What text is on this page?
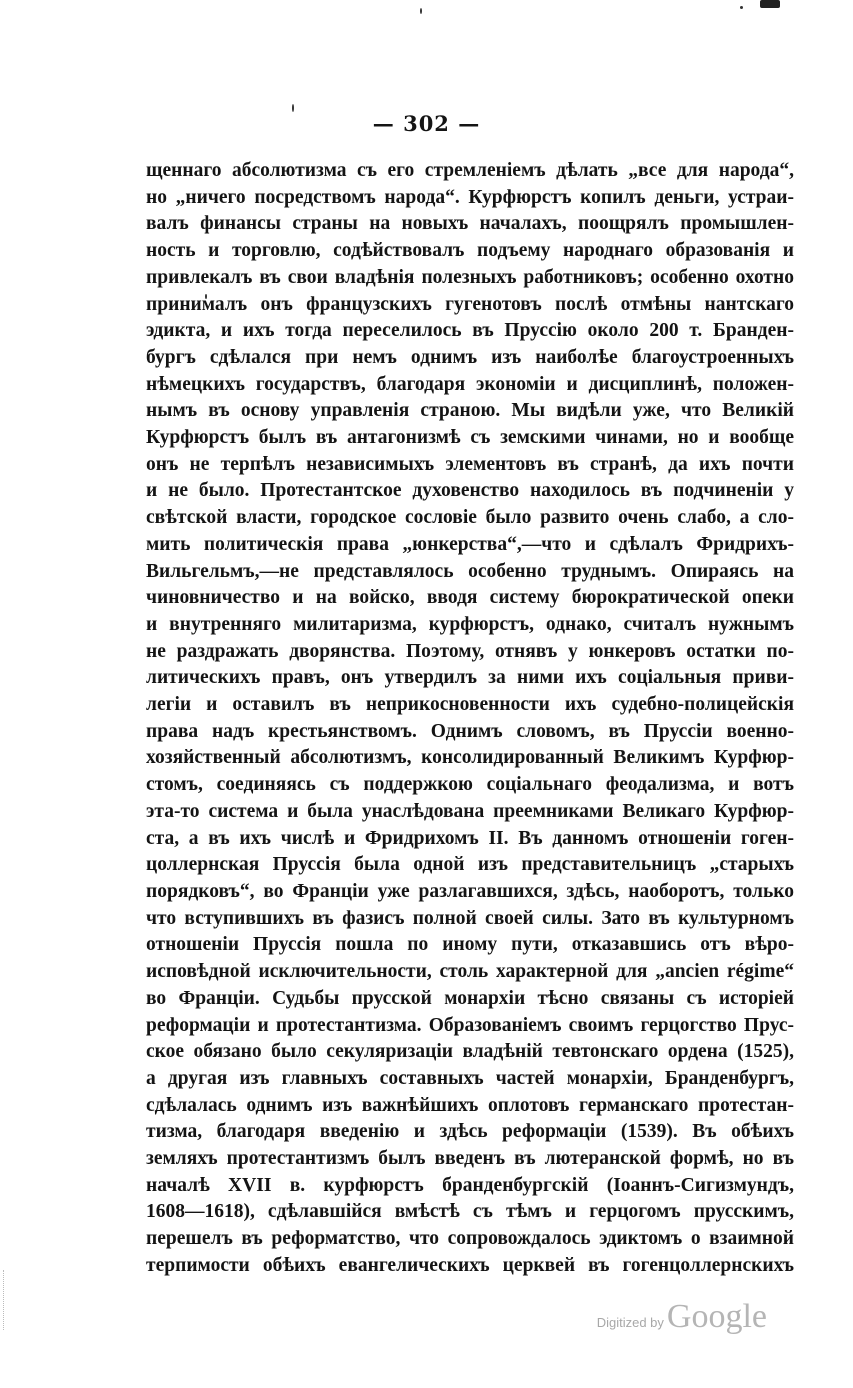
— 302 —
щеннаго абсолютизма съ его стремленіемъ дѣлать „все для народа“,
но „ничего посредствомъ народа“. Курфюрстъ копилъ деньги, устраи-
валъ финансы страны на новыхъ началахъ, поощрялъ промышлен-
ность и торговлю, содѣйствовалъ подъему народнаго образованія и
привлекалъ въ свои владѣнія полезныхъ работниковъ; особенно охотно
принималъ онъ французскихъ гугенотовъ послѣ отмѣны нантскаго
эдикта, и ихъ тогда переселилось въ Пруссію около 200 т. Бранден-
бургъ сдѣлался при немъ однимъ изъ наиболѣе благоустроенныхъ
нѣмецкихъ государствъ, благодаря экономіи и дисциплинѣ, положен-
нымъ въ основу управленія страною. Мы видѣли уже, что Великій
Курфюрстъ былъ въ антагонизмѣ съ земскими чинами, но и вообще
онъ не терпѣлъ независимыхъ элементовъ въ странѣ, да ихъ почти
и не было. Протестантское духовенство находилось въ подчиненіи у
свѣтской власти, городское сословіе было развито очень слабо, а сло-
мить политическія права „юнкерства“,—что и сдѣлалъ Фридрихъ-
Вильгельмъ,—не представлялось особенно труднымъ. Опираясь на
чиновничество и на войско, вводя систему бюрократической опеки
и внутренняго милитаризма, курфюрстъ, однако, считалъ нужнымъ
не раздражать дворянства. Поэтому, отнявъ у юнкеровъ остатки по-
литическихъ правъ, онъ утвердилъ за ними ихъ соціальныя приви-
легіи и оставилъ въ неприкосновенности ихъ судебно-полицейскія
права надъ крестьянствомъ. Однимъ словомъ, въ Пруссіи военно-
хозяйственный абсолютизмъ, консолидированный Великимъ Курфюр-
стомъ, соединяясь съ поддержкою соціальнаго феодализма, и вотъ
эта-то система и была унаслѣдована преемниками Великаго Курфюр-
ста, а въ ихъ числѣ и Фридрихомъ II. Въ данномъ отношеніи гоген-
цоллернская Пруссія была одной изъ представительницъ „старыхъ
порядковъ“, во Франціи уже разлагавшихся, здѣсь, наоборотъ, только
что вступившихъ въ фазисъ полной своей силы. Зато въ культурномъ
отношеніи Пруссія пошла по иному пути, отказавшись отъ вѣро-
исповѣдной исключительности, столь характерной для „ancien régime“
во Франціи. Судьбы прусской монархіи тѣсно связаны съ исторіей
реформаціи и протестантизма. Образованіемъ своимъ герцогство Прус-
ское обязано было секуляризаціи владѣній тевтонскаго ордена (1525),
а другая изъ главныхъ составныхъ частей монархіи, Бранденбургъ,
сдѣлалась однимъ изъ важнѣйшихъ оплотовъ германскаго протестан-
тизма, благодаря введенію и здѣсь реформаціи (1539). Въ обѣихъ
земляхъ протестантизмъ былъ введенъ въ лютеранской формѣ, но въ
началѣ XVII в. курфюрстъ бранденбургскій (Іоаннъ-Сигизмундъ,
1608—1618), сдѣлавшійся вмѣстѣ съ тѣмъ и герцогомъ прусскимъ,
перешелъ въ реформатство, что сопровождалось эдиктомъ о взаимной
терпимости обѣихъ евангелическихъ церквей въ гогенцоллернскихъ
Digitized by Google
